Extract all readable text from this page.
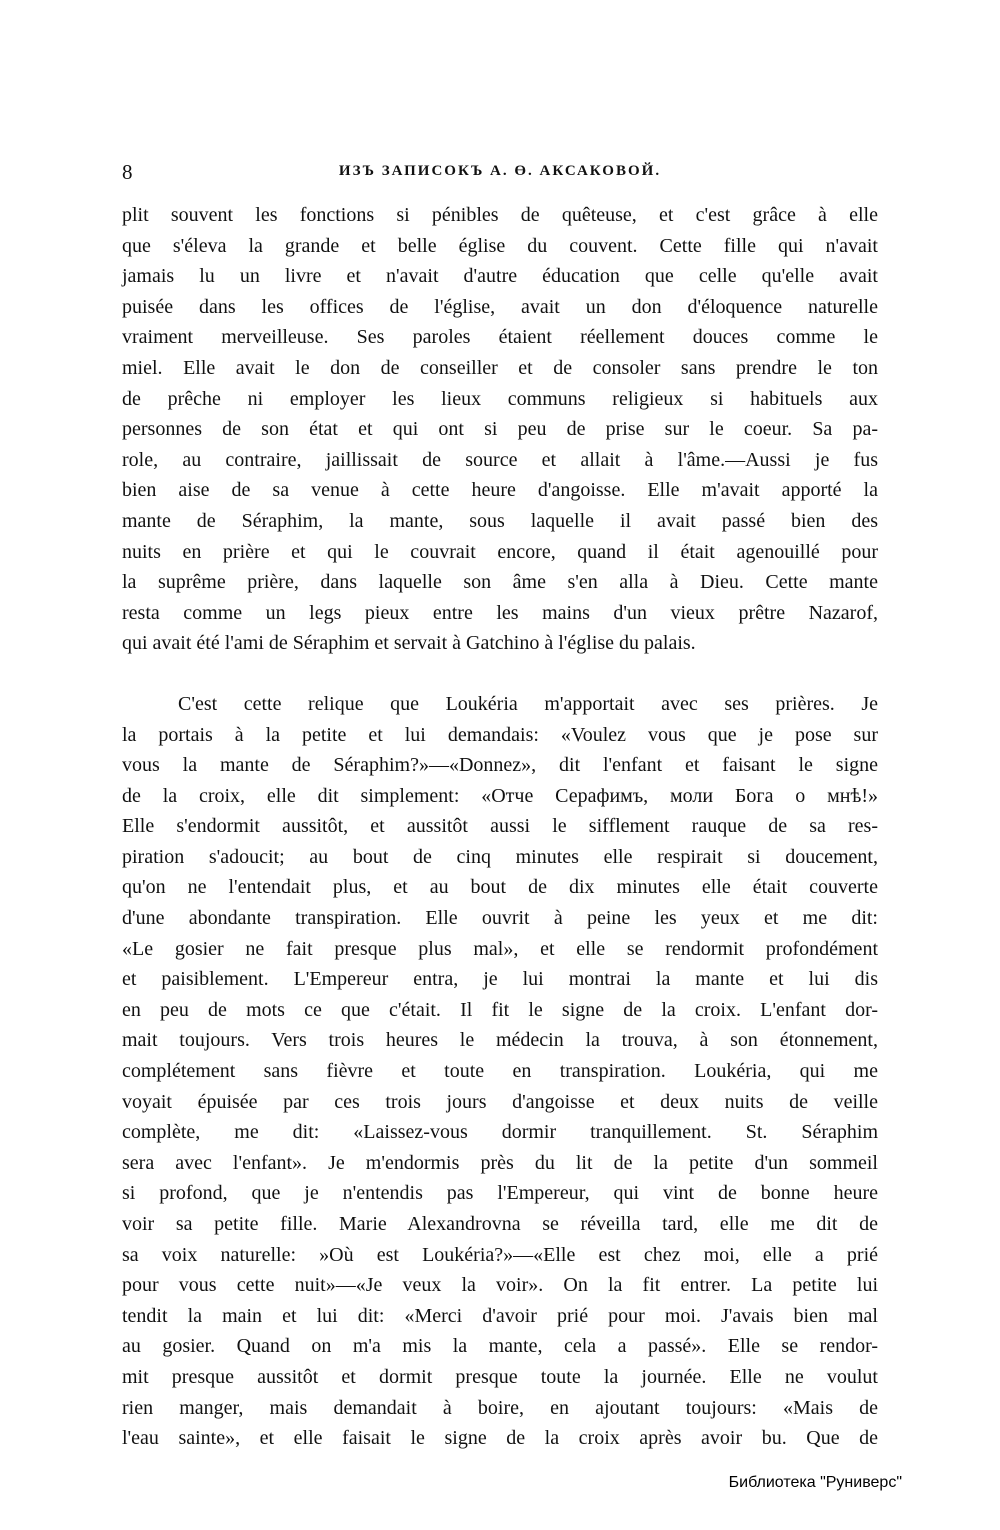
8	ИЗЪ ЗАПИСОКЪ А. Ө. АКСАКОВОЙ.
plit souvent les fonctions si pénibles de quêteuse, et c'est grâce à elle
que s'éleva la grande et belle église du couvent. Cette fille qui n'avait
jamais lu un livre et n'avait d'autre éducation que celle qu'elle avait
puisée dans les offices de l'église, avait un don d'éloquence naturelle
vraiment merveilleuse. Ses paroles étaient réellement douces comme le
miel. Elle avait le don de conseiller et de consoler sans prendre le ton
de prêche ni employer les lieux communs religieux si habituels aux
personnes de son état et qui ont si peu de prise sur le coeur. Sa pa-
role, au contraire, jaillissait de source et allait à l'âme.—Aussi je fus
bien aise de sa venue à cette heure d'angoisse. Elle m'avait apporté la
mante de Séraphim, la mante, sous laquelle il avait passé bien des
nuits en prière et qui le couvrait encore, quand il était agenouillé pour
la suprême prière, dans laquelle son âme s'en alla à Dieu. Cette mante
resta comme un legs pieux entre les mains d'un vieux prêtre Nazarof,
qui avait été l'ami de Séraphim et servait à Gatchino à l'église du palais.
C'est cette relique que Loukéria m'apportait avec ses prières. Je
la portais à la petite et lui demandais: «Voulez vous que je pose sur
vous la mante de Séraphim?»—«Donnez», dit l'enfant et faisant le signe
de la croix, elle dit simplement: «Отче Серафимъ, моли Бога о мнѣ!»
Elle s'endormit aussitôt, et aussitôt aussi le sifflement rauque de sa res-
piration s'adoucit; au bout de cinq minutes elle respirait si doucement,
qu'on ne l'entendait plus, et au bout de dix minutes elle était couverte
d'une abondante transpiration. Elle ouvrit à peine les yeux et me dit:
«Le gosier ne fait presque plus mal», et elle se rendormit profondément
et paisiblement. L'Empereur entra, je lui montrai la mante et lui dis
en peu de mots ce que c'était. Il fit le signe de la croix. L'enfant dor-
mait toujours. Vers trois heures le médecin la trouva, à son étonnement,
complétement sans fièvre et toute en transpiration. Loukéria, qui me
voyait épuisée par ces trois jours d'angoisse et deux nuits de veille
complète, me dit: «Laissez-vous dormir tranquillement. St. Séraphim
sera avec l'enfant». Je m'endormis près du lit de la petite d'un sommeil
si profond, que je n'entendis pas l'Empereur, qui vint de bonne heure
voir sa petite fille. Marie Alexandrovna se réveilla tard, elle me dit de
sa voix naturelle: »Où est Loukéria?»—«Elle est chez moi, elle a prié
pour vous cette nuit»—«Je veux la voir». On la fit entrer. La petite lui
tendit la main et lui dit: «Merci d'avoir prié pour moi. J'avais bien mal
au gosier. Quand on m'a mis la mante, cela a passé». Elle se rendor-
mit presque aussitôt et dormit presque toute la journée. Elle ne voulut
rien manger, mais demandait à boire, en ajoutant toujours: «Mais de
l'eau sainte», et elle faisait le signe de la croix après avoir bu. Que de
Библиотека "Руниверс"
